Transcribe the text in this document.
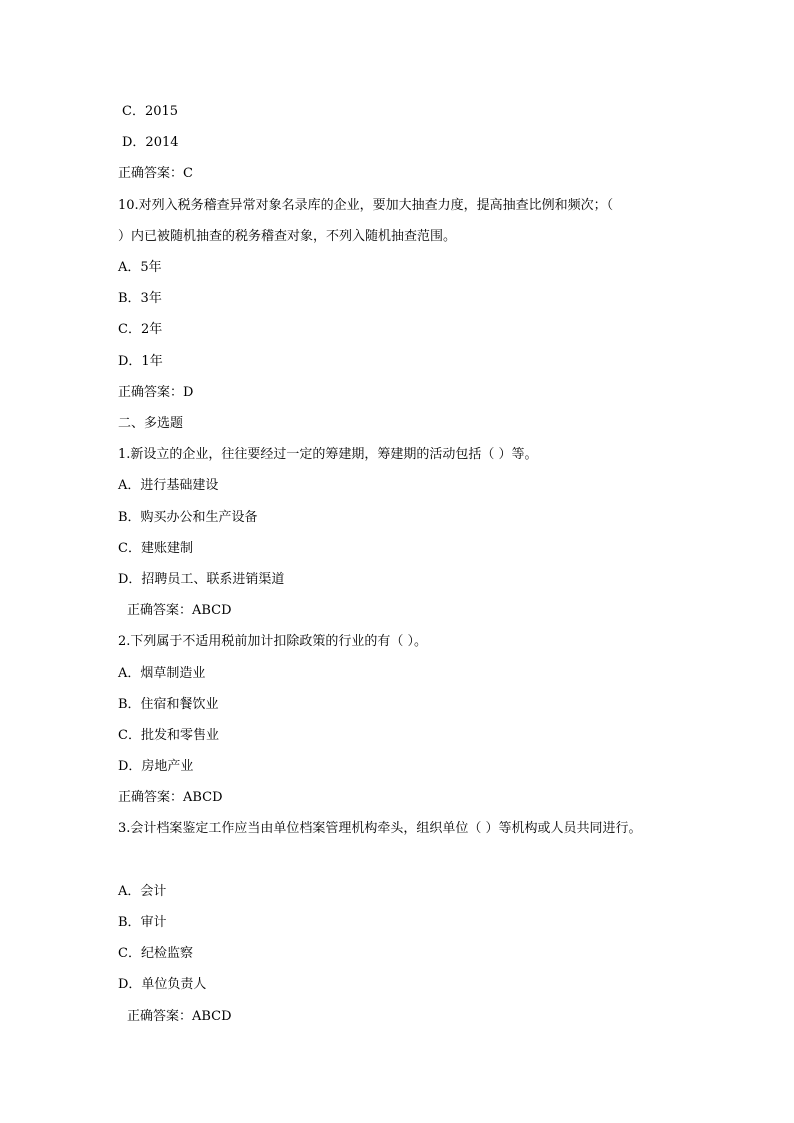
C．2015
D．2014
正确答案：C
10.对列入税务稽查异常对象名录库的企业，要加大抽查力度，提高抽查比例和频次；（
）内已被随机抽查的税务稽查对象，不列入随机抽查范围。
A．5年
B．3年
C．2年
D．1年
正确答案：D
二、多选题
1.新设立的企业，往往要经过一定的筹建期，筹建期的活动包括（ ）等。
A．进行基础建设
B．购买办公和生产设备
C．建账建制
D．招聘员工、联系进销渠道
正确答案：ABCD
2.下列属于不适用税前加计扣除政策的行业的有（ ）。
A．烟草制造业
B．住宿和餐饮业
C．批发和零售业
D．房地产业
正确答案：ABCD
3.会计档案鉴定工作应当由单位档案管理机构牵头，组织单位（ ）等机构或人员共同进行。
A．会计
B．审计
C．纪检监察
D．单位负责人
正确答案：ABCD
